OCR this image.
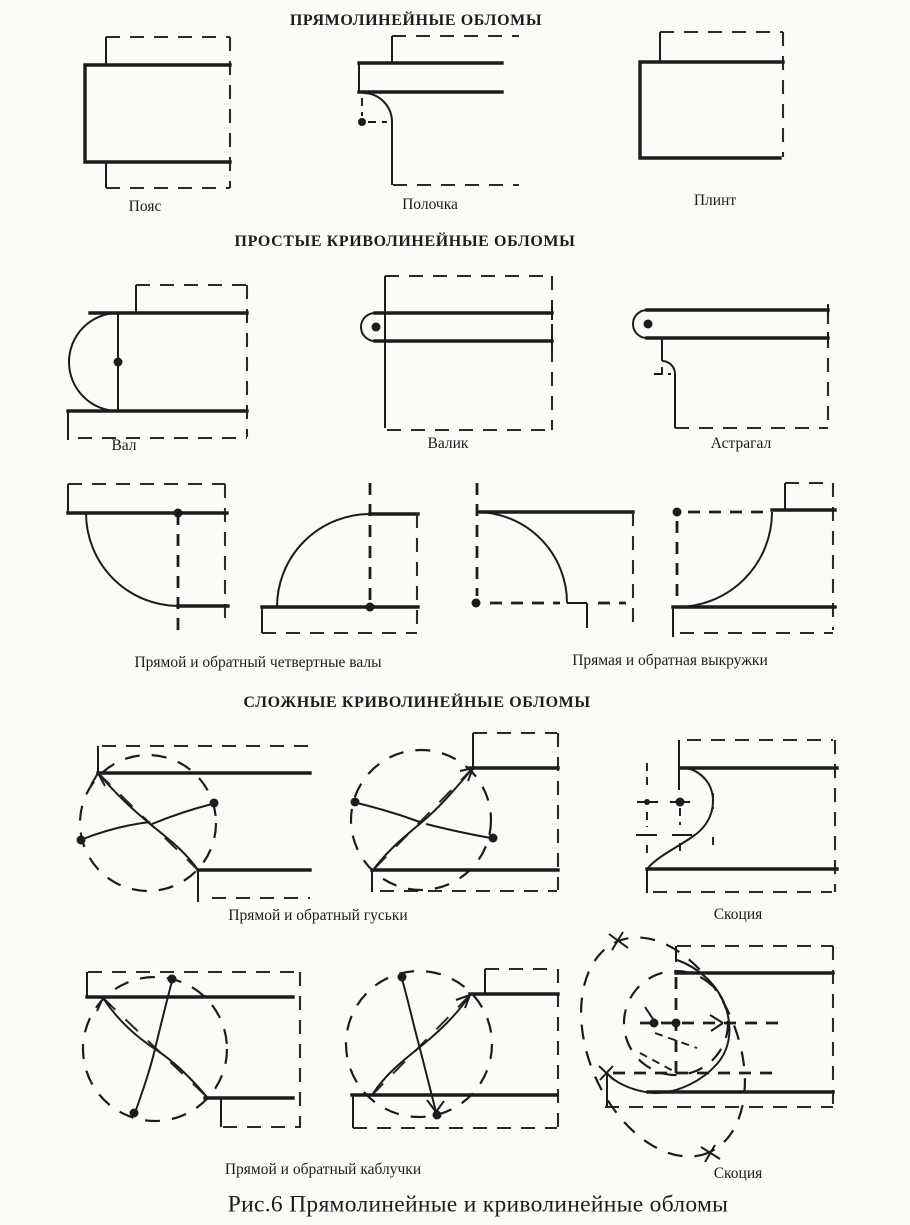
ПРЯМОЛИНЕЙНЫЕ ОБЛОМЫ
Пояс	Полочка	Плинт
ПРОСТЫЕ КРИВОЛИНЕЙНЫЕ ОБЛОМЫ
Вал	Валик	Астрагал
Прямой и обратный четвертные валы	Прямая и обратная выкружки
СЛОЖНЫЕ КРИВОЛИНЕЙНЫЕ ОБЛОМЫ
Прямой и обратный гуськи	Скоция
Прямой и обратный каблучки	Скоция
Рис.6 Прямолинейные и криволинейные обломы
